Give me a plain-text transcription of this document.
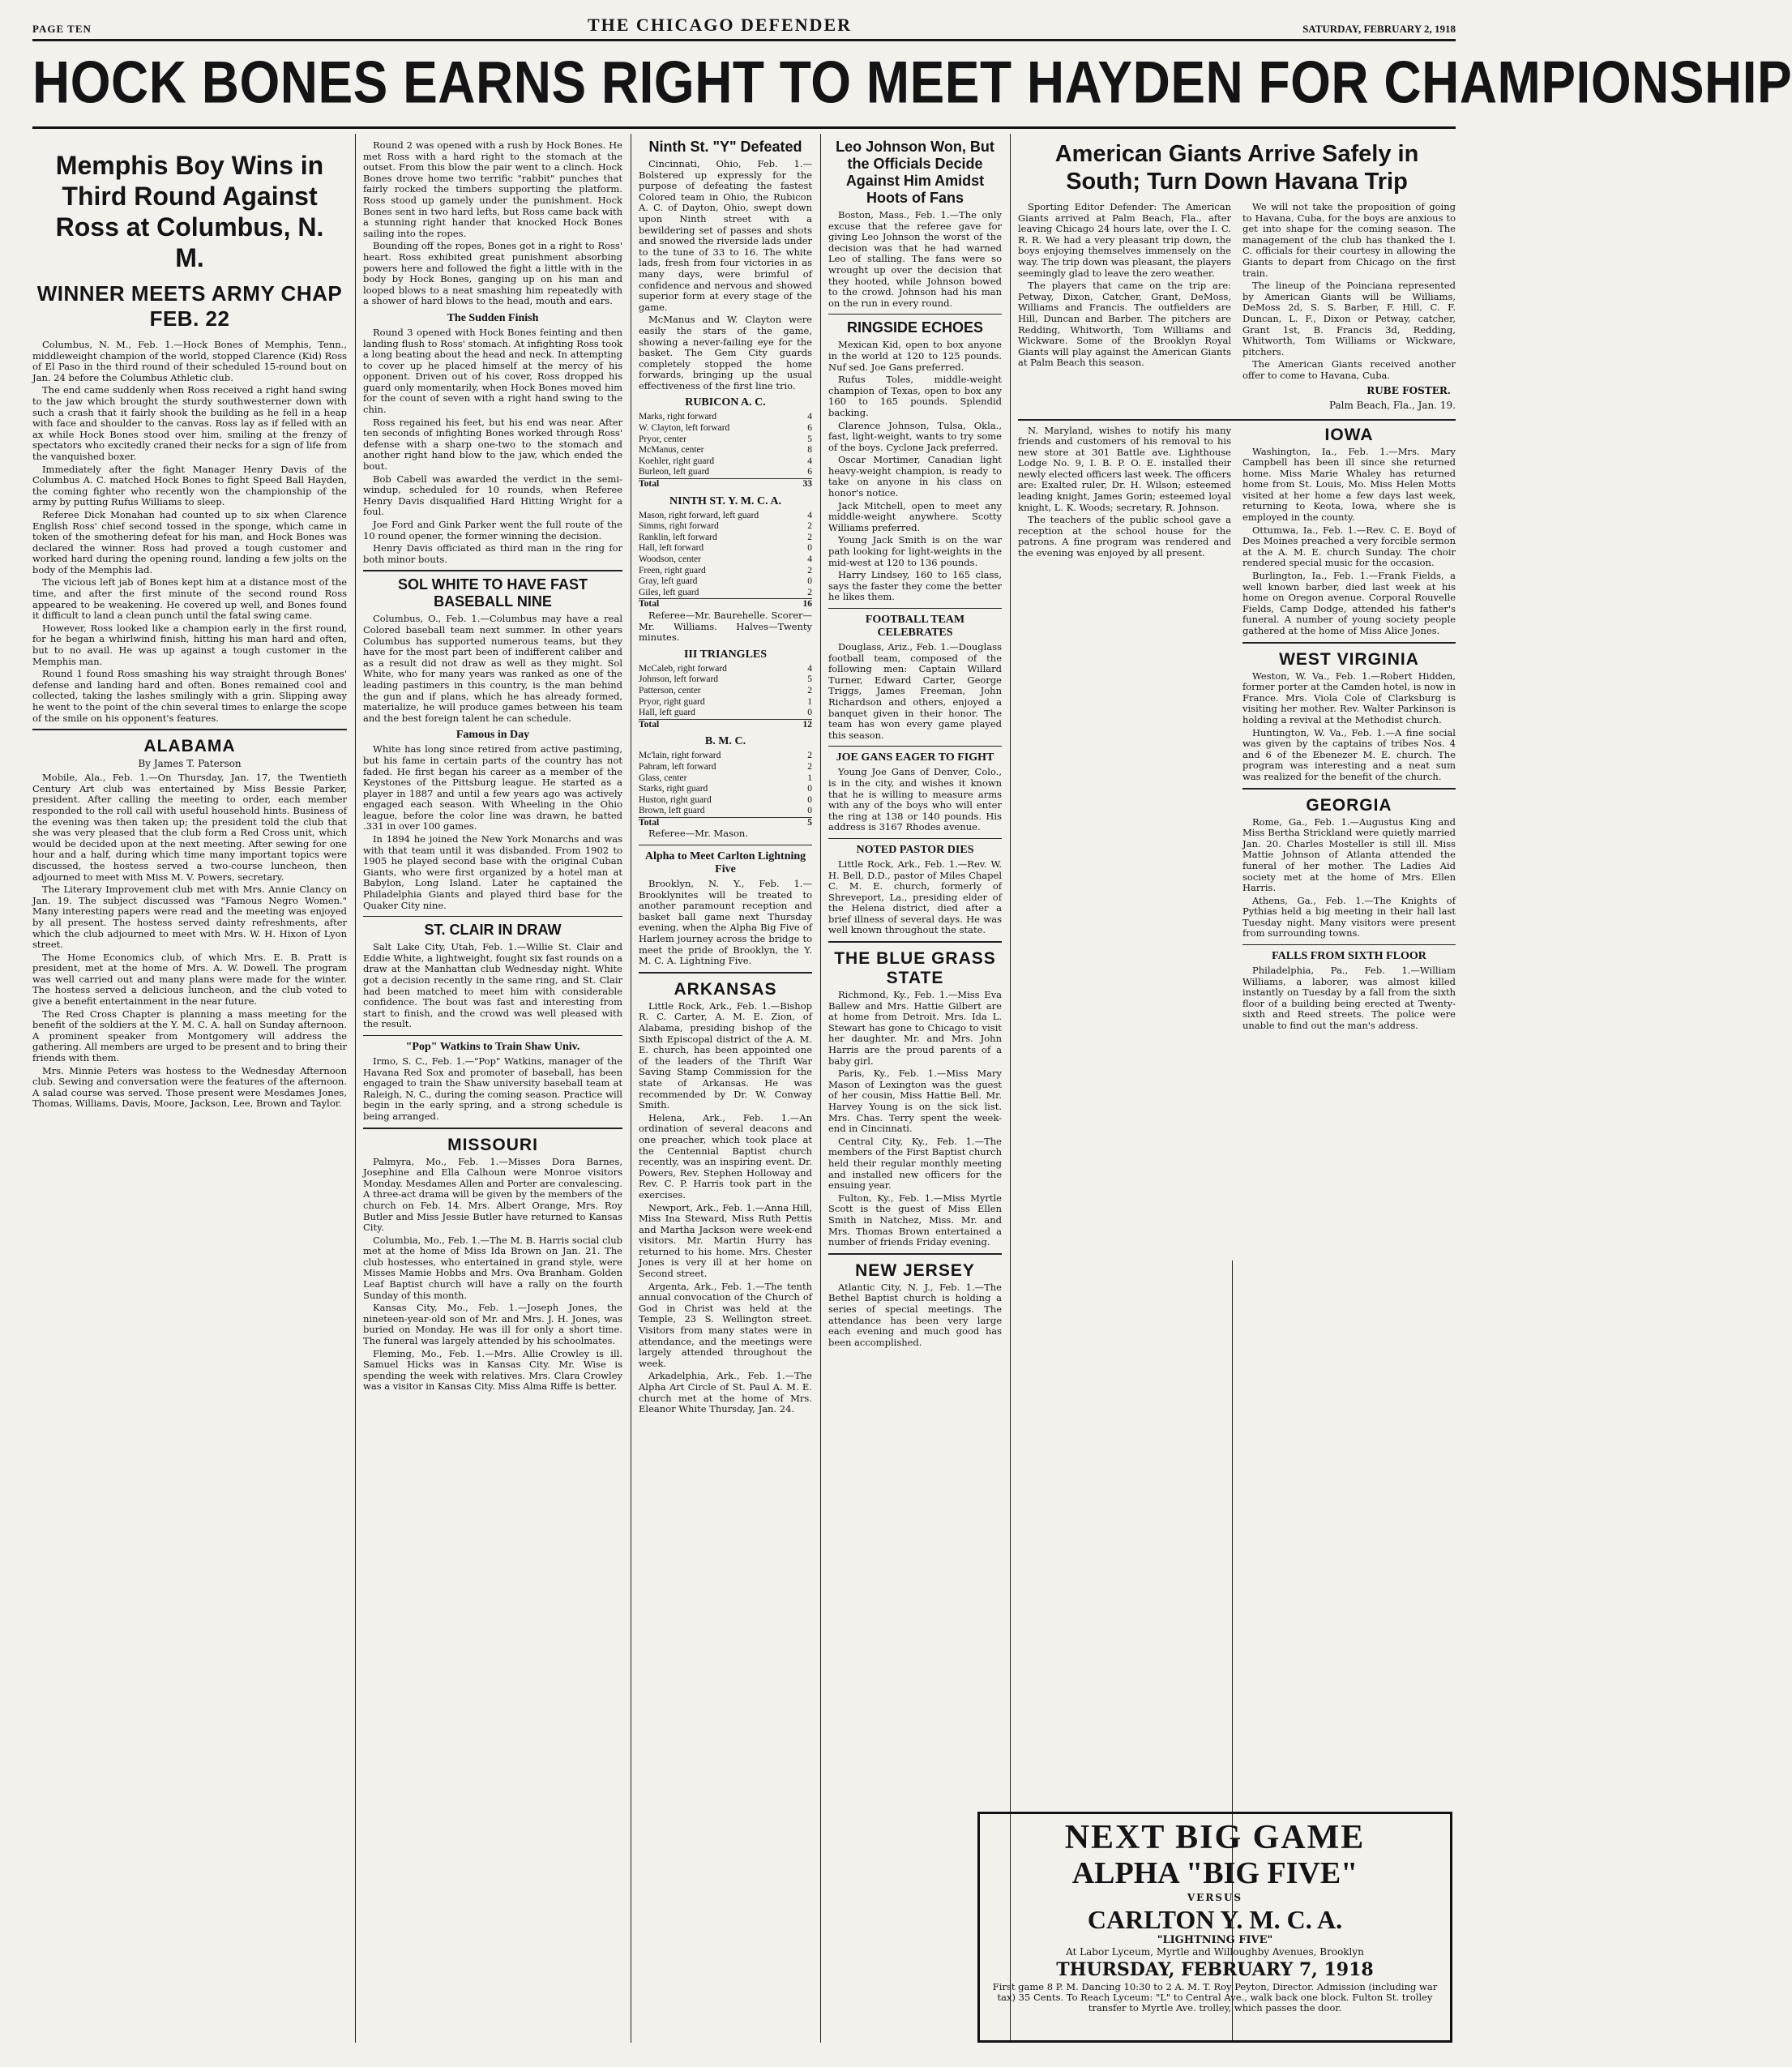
PAGE TEN	THE CHICAGO DEFENDER	SATURDAY, FEBRUARY 2, 1918
HOCK BONES EARNS RIGHT TO MEET HAYDEN FOR CHAMPIONSHIP
Memphis Boy Wins in Third Round Against Ross at Columbus, N. M.
WINNER MEETS ARMY CHAP FEB. 22

Columbus, N. M., Feb. 1.—Hock Bones of Memphis, Tenn., middleweight champion of the world, stopped Clarence (Kid) Ross of El Paso in the third round of their scheduled 15-round bout on Jan. 24 before the Columbus Athletic club.

The end came suddenly when Ross received a right hand swing to the jaw which brought the sturdy southwesterner down with such a crash that it fairly shook the building as he fell in a heap with face and shoulder to the canvas. Ross lay as if felled with an ax while Hock Bones stood over him, smiling at the frenzy of spectators who excitedly craned their necks for a sign of life from the vanquished boxer.

Immediately after the fight Manager Henry Davis of the Columbus A. C. matched Hock Bones to fight Speed Ball Hayden, the coming fighter who recently won the championship of the army by putting Rufus Williams to sleep.

Referee Dick Monahan had counted up to six when Clarence English Ross' chief second tossed in the sponge, which came in token of the smothering defeat for his man, and Hock Bones was declared the winner. Ross had proved a tough customer and worked hard during the opening round, landing a few jolts on the body of the Memphis lad.

The vicious left jab of Bones kept him at a distance most of the time, and after the first minute of the second round Ross appeared to be weakening. He covered up well, and Bones found it difficult to land a clean punch until the fatal swing came.

However, Ross looked like a champion early in the first round, for he began a whirlwind finish, hitting his man hard and often, but to no avail. He was up against a tough customer in the Memphis man.

Round 1 found Ross smashing his way straight through Bones' defense and landing hard and often. Bones remained cool and collected, taking the lashes smilingly with a grin. Slipping away he went to the point of the chin several times to enlarge the scope of the smile on his opponent's features.

ALABAMA
By James T. Paterson

Mobile, Ala., Feb. 1.—On Thursday, Jan. 17, the Twentieth Century Art club was entertained by Miss Bessie Parker, president. After calling the meeting to order, each member responded to the roll call with useful household hints. Business of the evening was then taken up; the president told the club that she was very pleased that the club form a Red Cross unit, which would be decided upon at the next meeting. After sewing for one hour and a half, during which time many important topics were discussed, the hostess served a two-course luncheon, then adjourned to meet with Miss M. V. Powers, secretary.

The Literary Improvement club met with Mrs. Annie Clancy on Jan. 19. The subject discussed was "Famous Negro Women." Many interesting papers were read and the meeting was enjoyed by all present. The hostess served dainty refreshments, after which the club adjourned to meet with Mrs. W. H. Hixon of Lyon street.

The Home Economics club, of which Mrs. E. B. Pratt is president, met at the home of Mrs. A. W. Dowell. The program was well carried out and many plans were made for the winter. The hostess served a delicious luncheon, and the club voted to give a benefit entertainment in the near future.

The Red Cross Chapter is planning a mass meeting for the benefit of the soldiers at the Y. M. C. A. hall on Sunday afternoon. A prominent speaker from Montgomery will address the gathering. All members are urged to be present and to bring their friends with them.

Mrs. Minnie Peters was hostess to the Wednesday Afternoon club. Sewing and conversation were the features of the afternoon. A salad course was served. Those present were Mesdames Jones, Thomas, Williams, Davis, Moore, Jackson, Lee, Brown and Taylor.

Round 2 was opened with a rush by Hock Bones. He met Ross with a hard right to the stomach at the outset. From this blow the pair went to a clinch. Hock Bones drove home two terrific "rabbit" punches that fairly rocked the timbers supporting the platform. Ross stood up gamely under the punishment. Hock Bones sent in two hard lefts, but Ross came back with a stunning right hander that knocked Hock Bones sailing into the ropes.

Bounding off the ropes, Bones got in a right to Ross' heart. Ross exhibited great punishment absorbing powers here and followed the fight a little with in the body by Hock Bones, ganging up on his man and looped blows to a neat smashing him repeatedly with a shower of hard blows to the head, mouth and ears.

The Sudden Finish

Round 3 opened with Hock Bones feinting and then landing flush to Ross' stomach. At infighting Ross took a long beating about the head and neck. In attempting to cover up he placed himself at the mercy of his opponent. Driven out of his cover, Ross dropped his guard only momentarily, when Hock Bones moved him for the count of seven with a right hand swing to the chin.

Ross regained his feet, but his end was near. After ten seconds of infighting Bones worked through Ross' defense with a sharp one-two to the stomach and another right hand blow to the jaw, which ended the bout.

Bob Cabell was awarded the verdict in the semi-windup, scheduled for 10 rounds, when Referee Henry Davis disqualified Hard Hitting Wright for a foul.

Joe Ford and Gink Parker went the full route of the 10 round opener, the former winning the decision.

Henry Davis officiated as third man in the ring for both minor bouts.

SOL WHITE TO HAVE FAST BASEBALL NINE

Columbus, O., Feb. 1.—Columbus may have a real Colored baseball team next summer. In other years Columbus has supported numerous teams, but they have for the most part been of indifferent caliber and as a result did not draw as well as they might. Sol White, who for many years was ranked as one of the leading pastimers in this country, is the man behind the gun and if plans, which he has already formed, materialize, he will produce games between his team and the best foreign talent he can schedule.

Famous in Day

White has long since retired from active pastiming, but his fame in certain parts of the country has not faded. He first began his career as a member of the Keystones of the Pittsburg league. He started as a player in 1887 and until a few years ago was actively engaged each season. With Wheeling in the Ohio league, before the color line was drawn, he batted .331 in over 100 games.

In 1894 he joined the New York Monarchs and was with that team until it was disbanded. From 1902 to 1905 he played second base with the original Cuban Giants, who were first organized by a hotel man at Babylon, Long Island. Later he captained the Philadelphia Giants and played third base for the Quaker City nine.

ST. CLAIR IN DRAW

Salt Lake City, Utah, Feb. 1.—Willie St. Clair and Eddie White, a lightweight, fought six fast rounds on a draw at the Manhattan club Wednesday night. White got a decision recently in the same ring, and St. Clair had been matched to meet him with considerable confidence. The bout was fast and interesting from start to finish, and the crowd was well pleased with the result.

"Pop" Watkins to Train Shaw Univ.

Irmo, S. C., Feb. 1.—"Pop" Watkins, manager of the Havana Red Sox and promoter of baseball, has been engaged to train the Shaw university baseball team at Raleigh, N. C., during the coming season. Practice will begin in the early spring, and a strong schedule is being arranged.

MISSOURI

Palmyra, Mo., Feb. 1.—Misses Dora Barnes, Josephine and Ella Calhoun were Monroe visitors Monday. Mesdames Allen and Porter are convalescing. A three-act drama will be given by the members of the church on Feb. 14. Mrs. Albert Orange, Mrs. Roy Butler and Miss Jessie Butler have returned to Kansas City.

Columbia, Mo., Feb. 1.—The M. B. Harris social club met at the home of Miss Ida Brown on Jan. 21. The club hostesses, who entertained in grand style, were Misses Mamie Hobbs and Mrs. Ova Branham. Golden Leaf Baptist church will have a rally on the fourth Sunday of this month.

Kansas City, Mo., Feb. 1.—Joseph Jones, the nineteen-year-old son of Mr. and Mrs. J. H. Jones, was buried on Monday. He was ill for only a short time. The funeral was largely attended by his schoolmates.

Fleming, Mo., Feb. 1.—Mrs. Allie Crowley is ill. Samuel Hicks was in Kansas City. Mr. Wise is spending the week with relatives. Mrs. Clara Crowley was a visitor in Kansas City. Miss Alma Riffe is better.

Ninth St. "Y" Defeated

Cincinnati, Ohio, Feb. 1.—Bolstered up expressly for the purpose of defeating the fastest Colored team in Ohio, the Rubicon A. C. of Dayton, Ohio, swept down upon Ninth street with a bewildering set of passes and shots and snowed the riverside lads under to the tune of 33 to 16. The white lads, fresh from four victories in as many days, were brimful of confidence and nervous and showed superior form at every stage of the game.

McManus and W. Clayton were easily the stars of the game, showing a never-failing eye for the basket. The Gem City guards completely stopped the home forwards, bringing up the usual effectiveness of the first line trio.

RUBICON A. C.
Marks, right forward	4
W. Clayton, left forward	6
Pryor, center	5
McManus, center	8
Koehler, right guard	4
Burleon, left guard	6
Total	33
NINTH ST. Y. M. C. A.
Mason, right forward, left guard	4
Simms, right forward	2
Ranklin, left forward	2
Hall, left forward	0
Woodson, center	4
Freen, right guard	2
Gray, left guard	0
Giles, left guard	2
Total	16

Referee—Mr. Baurehelle. Scorer—Mr. Williams. Halves—Twenty minutes.

III TRIANGLES
McCaleb, right forward	4
Johnson, left forward	5
Patterson, center	2
Pryor, right guard	1
Hall, left guard	0
Total	12
B. M. C.
Mc'lain, right forward	2
Pahram, left forward	2
Glass, center	1
Starks, right guard	0
Huston, right guard	0
Brown, left guard	0
Total	5

Referee—Mr. Mason.

Alpha to Meet Carlton Lightning Five

Brooklyn, N. Y., Feb. 1.—Brooklynites will be treated to another paramount reception and basket ball game next Thursday evening, when the Alpha Big Five of Harlem journey across the bridge to meet the pride of Brooklyn, the Y. M. C. A. Lightning Five.

ARKANSAS

Little Rock, Ark., Feb. 1.—Bishop R. C. Carter, A. M. E. Zion, of Alabama, presiding bishop of the Sixth Episcopal district of the A. M. E. church, has been appointed one of the leaders of the Thrift War Saving Stamp Commission for the state of Arkansas. He was recommended by Dr. W. Conway Smith.

Helena, Ark., Feb. 1.—An ordination of several deacons and one preacher, which took place at the Centennial Baptist church recently, was an inspiring event. Dr. Powers, Rev. Stephen Holloway and Rev. C. P. Harris took part in the exercises.

Newport, Ark., Feb. 1.—Anna Hill, Miss Ina Steward, Miss Ruth Pettis and Martha Jackson were week-end visitors. Mr. Martin Hurry has returned to his home. Mrs. Chester Jones is very ill at her home on Second street.

Argenta, Ark., Feb. 1.—The tenth annual convocation of the Church of God in Christ was held at the Temple, 23 S. Wellington street. Visitors from many states were in attendance, and the meetings were largely attended throughout the week.

Arkadelphia, Ark., Feb. 1.—The Alpha Art Circle of St. Paul A. M. E. church met at the home of Mrs. Eleanor White Thursday, Jan. 24.

Leo Johnson Won, But the Officials Decide Against Him Amidst Hoots of Fans

Boston, Mass., Feb. 1.—The only excuse that the referee gave for giving Leo Johnson the worst of the decision was that he had warned Leo of stalling. The fans were so wrought up over the decision that they hooted, while Johnson bowed to the crowd. Johnson had his man on the run in every round.

RINGSIDE ECHOES

Mexican Kid, open to box anyone in the world at 120 to 125 pounds. Nuf sed. Joe Gans preferred.

Rufus Toles, middle-weight champion of Texas, open to box any 160 to 165 pounds. Splendid backing.

Clarence Johnson, Tulsa, Okla., fast, light-weight, wants to try some of the boys. Cyclone Jack preferred.

Oscar Mortimer, Canadian light heavy-weight champion, is ready to take on anyone in his class on honor's notice.

Jack Mitchell, open to meet any middle-weight anywhere. Scotty Williams preferred.

Young Jack Smith is on the war path looking for light-weights in the mid-west at 120 to 136 pounds.

Harry Lindsey, 160 to 165 class, says the faster they come the better he likes them.

FOOTBALL TEAM CELEBRATES

Douglass, Ariz., Feb. 1.—Douglass football team, composed of the following men: Captain Willard Turner, Edward Carter, George Triggs, James Freeman, John Richardson and others, enjoyed a banquet given in their honor. The team has won every game played this season.

JOE GANS EAGER TO FIGHT

Young Joe Gans of Denver, Colo., is in the city, and wishes it known that he is willing to measure arms with any of the boys who will enter the ring at 138 or 140 pounds. His address is 3167 Rhodes avenue.

NOTED PASTOR DIES

Little Rock, Ark., Feb. 1.—Rev. W. H. Bell, D.D., pastor of Miles Chapel C. M. E. church, formerly of Shreveport, La., presiding elder of the Helena district, died after a brief illness of several days. He was well known throughout the state.

THE BLUE GRASS STATE

Richmond, Ky., Feb. 1.—Miss Eva Ballew and Mrs. Hattie Gilbert are at home from Detroit. Mrs. Ida L. Stewart has gone to Chicago to visit her daughter. Mr. and Mrs. John Harris are the proud parents of a baby girl.

Paris, Ky., Feb. 1.—Miss Mary Mason of Lexington was the guest of her cousin, Miss Hattie Bell. Mr. Harvey Young is on the sick list. Mrs. Chas. Terry spent the week-end in Cincinnati.

Central City, Ky., Feb. 1.—The members of the First Baptist church held their regular monthly meeting and installed new officers for the ensuing year.

Fulton, Ky., Feb. 1.—Miss Myrtle Scott is the guest of Miss Ellen Smith in Natchez, Miss. Mr. and Mrs. Thomas Brown entertained a number of friends Friday evening.

NEW JERSEY

Atlantic City, N. J., Feb. 1.—The Bethel Baptist church is holding a series of special meetings. The attendance has been very large each evening and much good has been accomplished.

American Giants Arrive Safely in South; Turn Down Havana Trip

Sporting Editor Defender: The American Giants arrived at Palm Beach, Fla., after leaving Chicago 24 hours late, over the I. C. R. R. We had a very pleasant trip down, the boys enjoying themselves immensely on the way. The trip down was pleasant, the players seemingly glad to leave the zero weather.

The players that came on the trip are: Petway, Dixon, Catcher, Grant, DeMoss, Williams and Francis. The outfielders are Hill, Duncan and Barber. The pitchers are Redding, Whitworth, Tom Williams and Wickware. Some of the Brooklyn Royal Giants will play against the American Giants at Palm Beach this season.

We will not take the proposition of going to Havana, Cuba, for the boys are anxious to get into shape for the coming season. The management of the club has thanked the I. C. officials for their courtesy in allowing the Giants to depart from Chicago on the first train.

The lineup of the Poinciana represented by American Giants will be Williams, DeMoss 2d, S. S. Barber, F. Hill, C. F. Duncan, L. F., Dixon or Petway, catcher, Grant 1st, B. Francis 3d, Redding, Whitworth, Tom Williams or Wickware, pitchers.

The American Giants received another offer to come to Havana, Cuba.

RUBE FOSTER.
Palm Beach, Fla., Jan. 19.

N. Maryland, wishes to notify his many friends and customers of his removal to his new store at 301 Battle ave. Lighthouse Lodge No. 9, I. B. P. O. E. installed their newly elected officers last week. The officers are: Exalted ruler, Dr. H. Wilson; esteemed leading knight, James Gorin; esteemed loyal knight, L. K. Woods; secretary, R. Johnson.

The teachers of the public school gave a reception at the school house for the patrons. A fine program was rendered and the evening was enjoyed by all present.

IOWA

Washington, Ia., Feb. 1.—Mrs. Mary Campbell has been ill since she returned home. Miss Marie Whaley has returned home from St. Louis, Mo. Miss Helen Motts visited at her home a few days last week, returning to Keota, Iowa, where she is employed in the county.

Ottumwa, Ia., Feb. 1.—Rev. C. E. Boyd of Des Moines preached a very forcible sermon at the A. M. E. church Sunday. The choir rendered special music for the occasion.

Burlington, Ia., Feb. 1.—Frank Fields, a well known barber, died last week at his home on Oregon avenue. Corporal Rouvelle Fields, Camp Dodge, attended his father's funeral. A number of young society people gathered at the home of Miss Alice Jones.

WEST VIRGINIA

Weston, W. Va., Feb. 1.—Robert Hidden, former porter at the Camden hotel, is now in France. Mrs. Viola Cole of Clarksburg is visiting her mother. Rev. Walter Parkinson is holding a revival at the Methodist church.

Huntington, W. Va., Feb. 1.—A fine social was given by the captains of tribes Nos. 4 and 6 of the Ebenezer M. E. church. The program was interesting and a neat sum was realized for the benefit of the church.

GEORGIA

Rome, Ga., Feb. 1.—Augustus King and Miss Bertha Strickland were quietly married Jan. 20. Charles Mosteller is still ill. Miss Mattie Johnson of Atlanta attended the funeral of her mother. The Ladies Aid society met at the home of Mrs. Ellen Harris.

Athens, Ga., Feb. 1.—The Knights of Pythias held a big meeting in their hall last Tuesday night. Many visitors were present from surrounding towns.

FALLS FROM SIXTH FLOOR

Philadelphia, Pa., Feb. 1.—William Williams, a laborer, was almost killed instantly on Tuesday by a fall from the sixth floor of a building being erected at Twenty-sixth and Reed streets. The police were unable to find out the man's address.

NEXT BIG GAME
ALPHA "BIG FIVE"
VERSUS
CARLTON Y. M. C. A.
"LIGHTNING FIVE"
At Labor Lyceum, Myrtle and Willoughby Avenues, Brooklyn
THURSDAY, FEBRUARY 7, 1918
First game 8 P. M. Dancing 10:30 to 2 A. M. T. Roy Peyton, Director. Admission (including war tax) 35 Cents. To Reach Lyceum: "L" to Central Ave., walk back one block. Fulton St. trolley transfer to Myrtle Ave. trolley, which passes the door.
